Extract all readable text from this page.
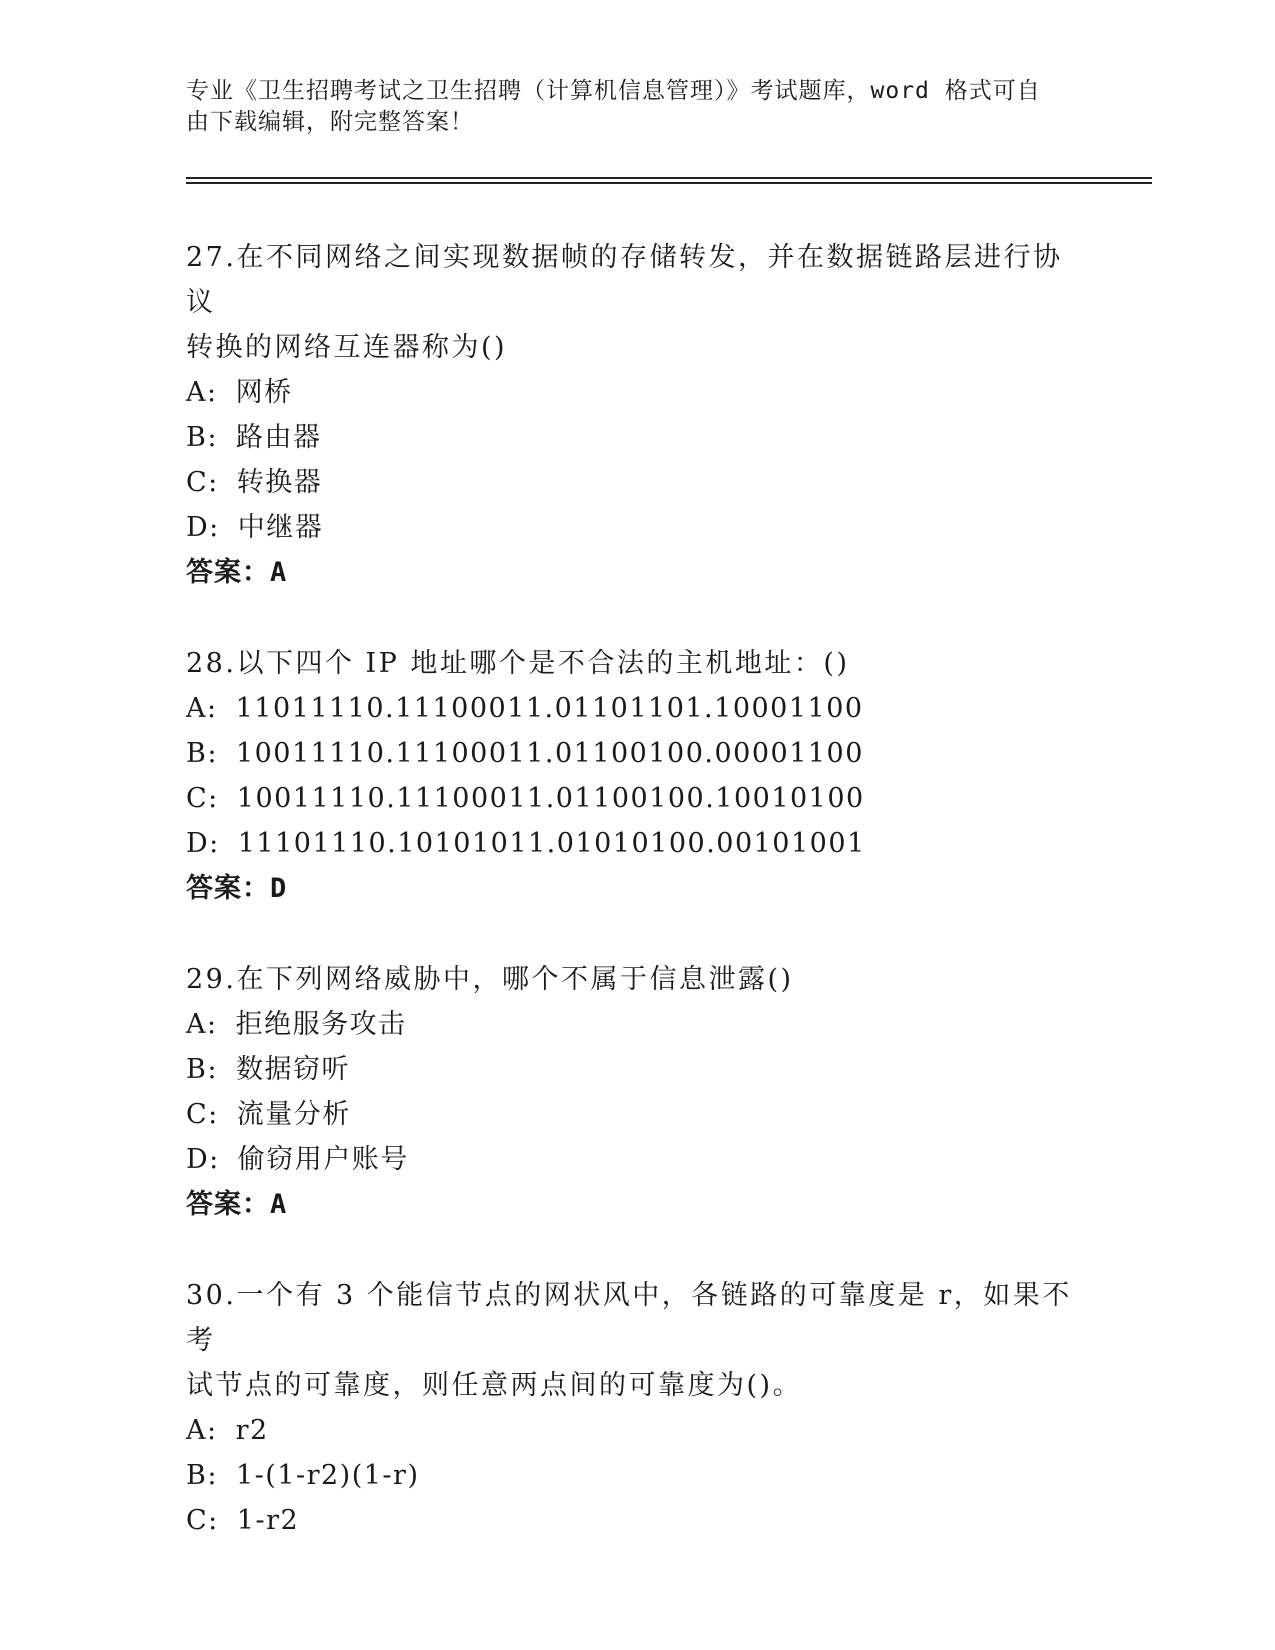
专业《卫生招聘考试之卫生招聘（计算机信息管理）》考试题库，word 格式可自
由下载编辑，附完整答案！
27.在不同网络之间实现数据帧的存储转发，并在数据链路层进行协议
转换的网络互连器称为()
A: 网桥
B: 路由器
C: 转换器
D: 中继器
答案：A
28.以下四个 IP 地址哪个是不合法的主机地址：()
A: 11011110.11100011.01101101.10001100
B: 10011110.11100011.01100100.00001100
C: 10011110.11100011.01100100.10010100
D: 11101110.10101011.01010100.00101001
答案：D
29.在下列网络威胁中，哪个不属于信息泄露()
A: 拒绝服务攻击
B: 数据窃听
C: 流量分析
D: 偷窃用户账号
答案：A
30.一个有 3 个能信节点的网状风中，各链路的可靠度是 r，如果不考
试节点的可靠度，则任意两点间的可靠度为()。
A: r2
B: 1-(1-r2)(1-r)
C: 1-r2
